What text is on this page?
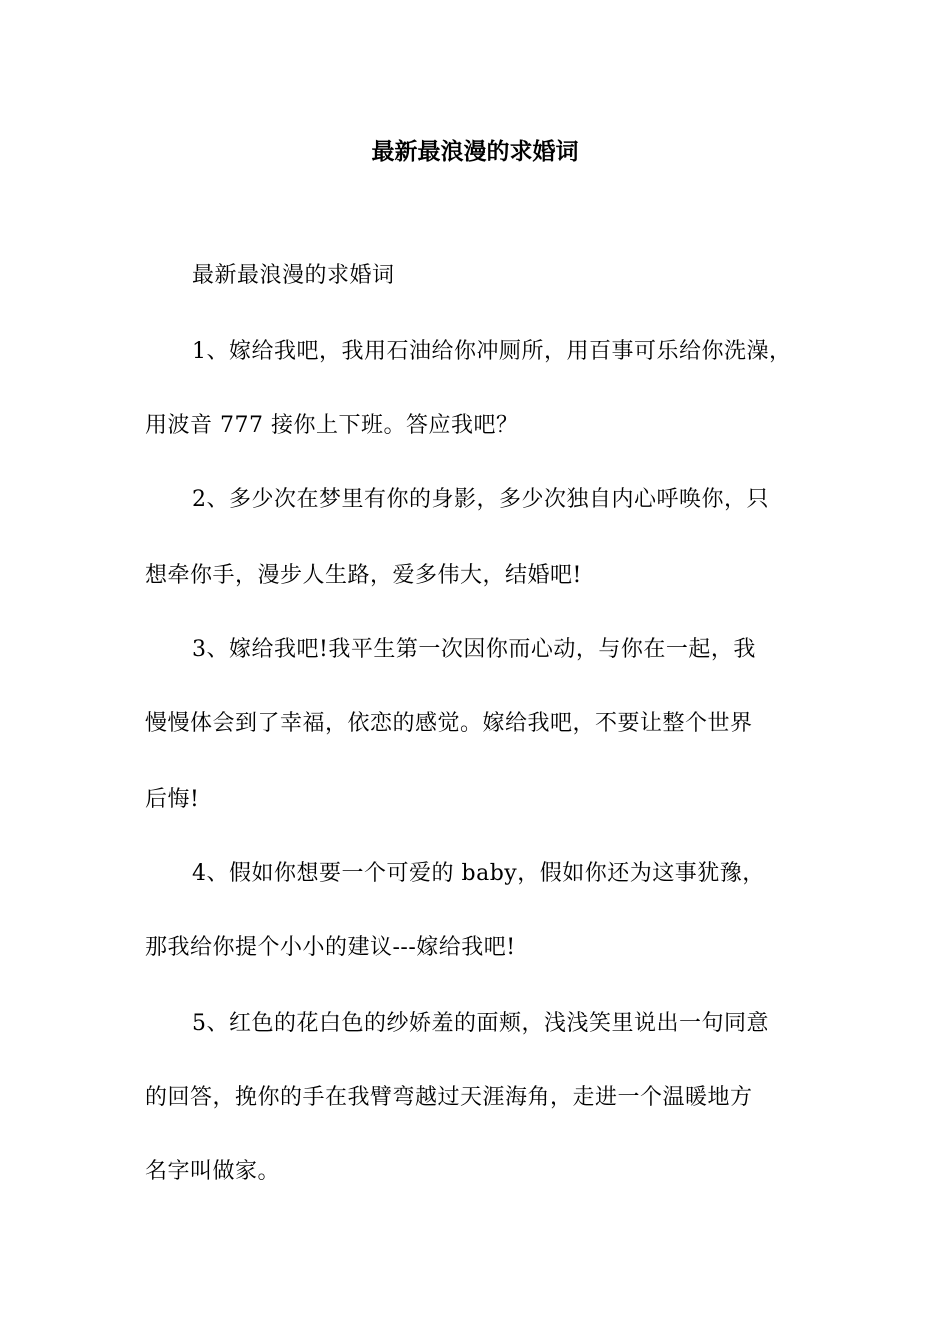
最新最浪漫的求婚词
最新最浪漫的求婚词
1、嫁给我吧，我用石油给你冲厕所，用百事可乐给你洗澡，
用波音 777 接你上下班。答应我吧？
2、多少次在梦里有你的身影，多少次独自内心呼唤你，只
想牵你手，漫步人生路，爱多伟大，结婚吧!
3、嫁给我吧!我平生第一次因你而心动，与你在一起，我
慢慢体会到了幸福，依恋的感觉。嫁给我吧，不要让整个世界
后悔!
4、假如你想要一个可爱的 baby，假如你还为这事犹豫，
那我给你提个小小的建议---嫁给我吧!
5、红色的花白色的纱娇羞的面颊，浅浅笑里说出一句同意
的回答，挽你的手在我臂弯越过天涯海角，走进一个温暖地方
名字叫做家。
